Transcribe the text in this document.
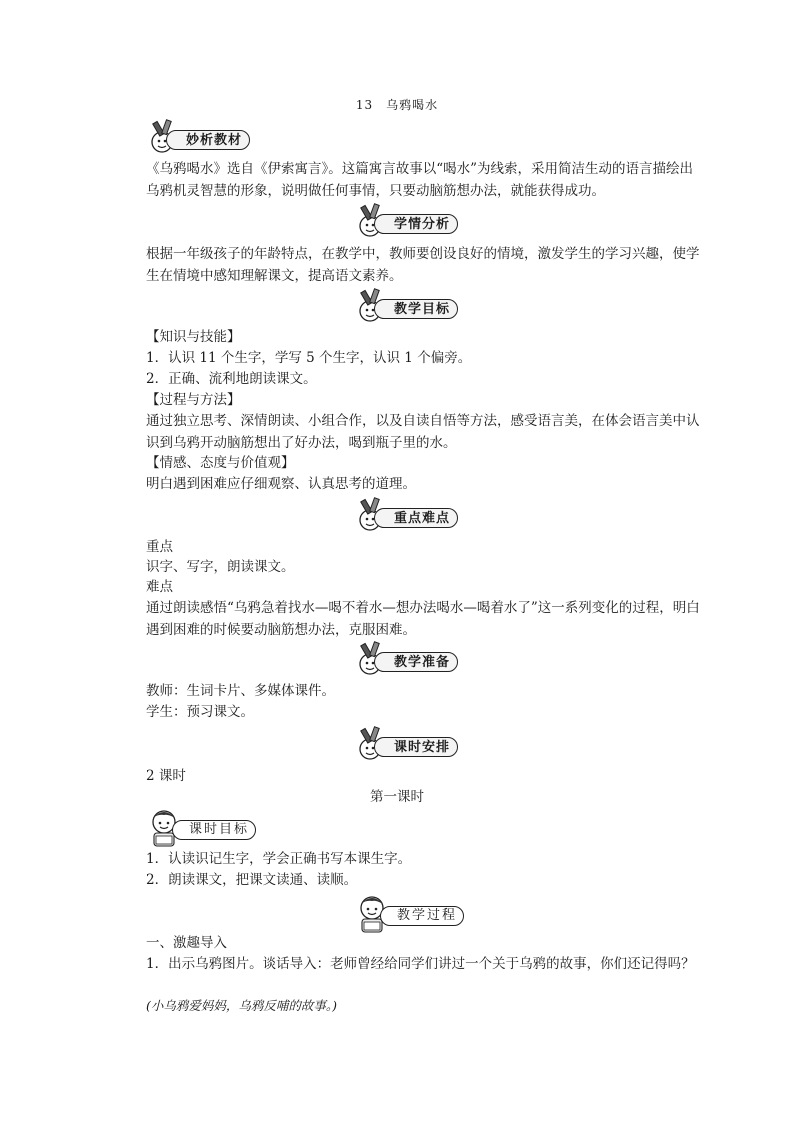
13　乌鸦喝水
妙析教材
《乌鸦喝水》选自《伊索寓言》。这篇寓言故事以“喝水”为线索，采用简洁生动的语言描绘出乌鸦机灵智慧的形象，说明做任何事情，只要动脑筋想办法，就能获得成功。
学情分析
根据一年级孩子的年龄特点，在教学中，教师要创设良好的情境，激发学生的学习兴趣，使学生在情境中感知理解课文，提高语文素养。
教学目标
【知识与技能】
1．认识 11 个生字，学写 5 个生字，认识 1 个偏旁。
2．正确、流利地朗读课文。
【过程与方法】
通过独立思考、深情朗读、小组合作，以及自读自悟等方法，感受语言美，在体会语言美中认识到乌鸦开动脑筋想出了好办法，喝到瓶子里的水。
【情感、态度与价值观】
明白遇到困难应仔细观察、认真思考的道理。
重点难点
重点
识字、写字，朗读课文。
难点
通过朗读感悟“乌鸦急着找水—喝不着水—想办法喝水—喝着水了”这一系列变化的过程，明白遇到困难的时候要动脑筋想办法，克服困难。
教学准备
教师：生词卡片、多媒体课件。
学生：预习课文。
课时安排
2 课时
第一课时
课时目标
1．认读识记生字，学会正确书写本课生字。
2．朗读课文，把课文读通、读顺。
教学过程
一、激趣导入
1．出示乌鸦图片。谈话导入：老师曾经给同学们讲过一个关于乌鸦的故事，你们还记得吗？
(小乌鸦爱妈妈，乌鸦反哺的故事。)
